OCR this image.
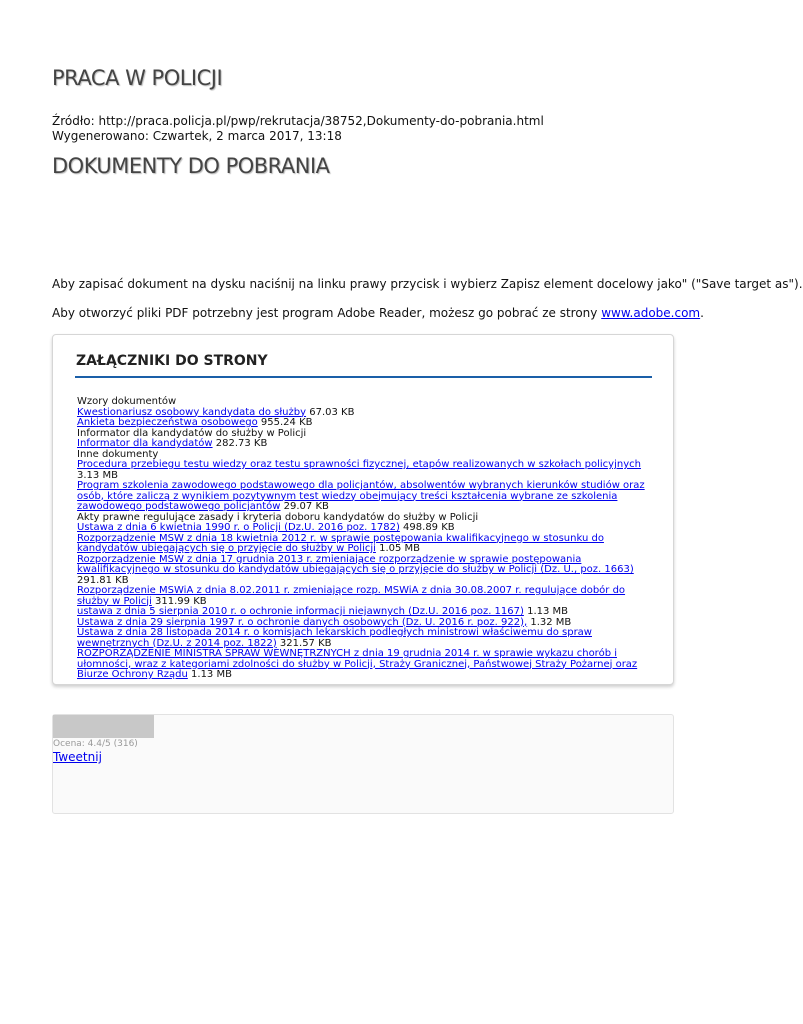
PRACA W POLICJI
Źródło: http://praca.policja.pl/pwp/rekrutacja/38752,Dokumenty-do-pobrania.html
Wygenerowano: Czwartek, 2 marca 2017, 13:18
DOKUMENTY DO POBRANIA
Aby zapisać dokument na dysku naciśnij na linku prawy przycisk i wybierz Zapisz element docelowy jako" ("Save target as").
Aby otworzyć pliki PDF potrzebny jest program Adobe Reader, możesz go pobrać ze strony www.adobe.com.
ZAŁĄCZNIKI DO STRONY
Wzory dokumentów
Kwestionariusz osobowy kandydata do służby 67.03 KB
Ankieta bezpieczeństwa osobowego 955.24 KB
Informator dla kandydatów do służby w Policji
Informator dla kandydatów 282.73 KB
Inne dokumenty
Procedura przebiegu testu wiedzy oraz testu sprawności fizycznej, etapów realizowanych w szkołach policyjnych 3.13 MB
Program szkolenia zawodowego podstawowego dla policjantów, absolwentów wybranych kierunków studiów oraz osób, które zaliczą z wynikiem pozytywnym test wiedzy obejmujący treści kształcenia wybrane ze szkolenia zawodowego podstawowego policjantów 29.07 KB
Akty prawne regulujące zasady i kryteria doboru kandydatów do służby w Policji
Ustawa z dnia 6 kwietnia 1990 r. o Policji (Dz.U. 2016 poz. 1782) 498.89 KB
Rozporządzenie MSW z dnia 18 kwietnia 2012 r. w sprawie postępowania kwalifikacyjnego w stosunku do kandydatów ubiegających się o przyjęcie do służby w Policji 1.05 MB
Rozporządzenie MSW z dnia 17 grudnia 2013 r. zmieniające rozporządzenie w sprawie postępowania kwalifikacyjnego w stosunku do kandydatów ubiegających się o przyjęcie do służby w Policji (Dz. U., poz. 1663) 291.81 KB
Rozporządzenie MSWiA z dnia 8.02.2011 r. zmieniające rozp. MSWiA z dnia 30.08.2007 r. regulujące dobór do służby w Policji 311.99 KB
ustawa z dnia 5 sierpnia 2010 r. o ochronie informacji niejawnych (Dz.U. 2016 poz. 1167) 1.13 MB
Ustawa z dnia 29 sierpnia 1997 r. o ochronie danych osobowych (Dz. U. 2016 r. poz. 922), 1.32 MB
Ustawa z dnia 28 listopada 2014 r. o komisjach lekarskich podległych ministrowi właściwemu do spraw wewnętrznych (Dz.U. z 2014 poz. 1822) 321.57 KB
ROZPORZĄDZENIE MINISTRA SPRAW WEWNĘTRZNYCH z dnia 19 grudnia 2014 r. w sprawie wykazu chorób i ułomności, wraz z kategoriami zdolności do służby w Policji, Straży Granicznej, Państwowej Straży Pożarnej oraz Biurze Ochrony Rządu 1.13 MB
Ocena: 4.4/5 (316)
Tweetnij
